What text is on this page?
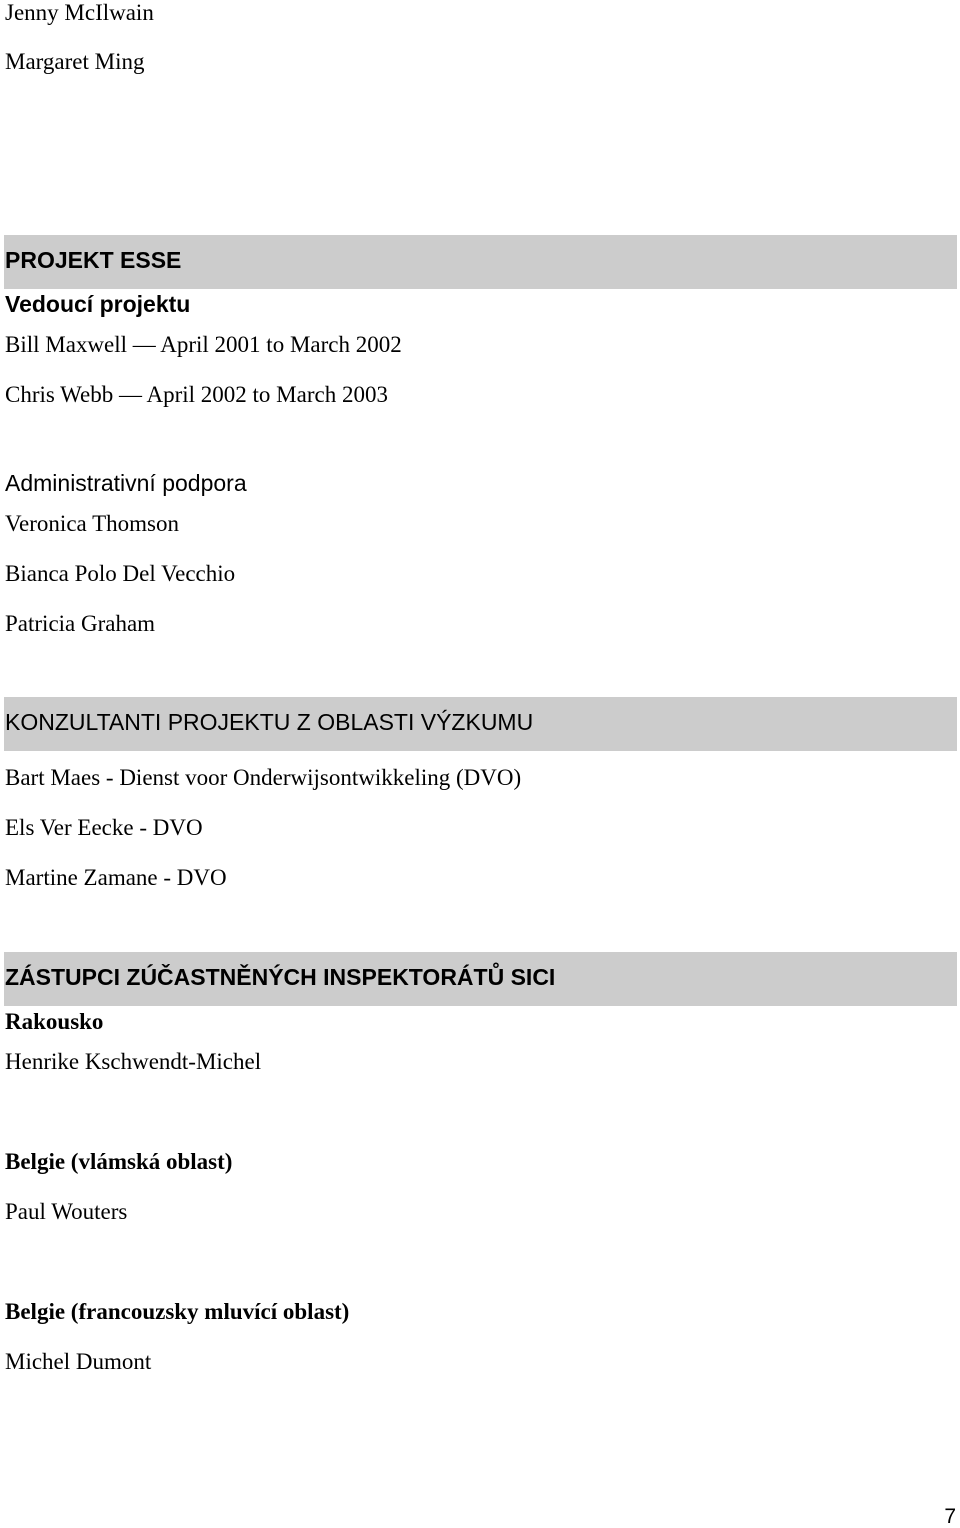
Jenny McIlwain
Margaret Ming
PROJEKT ESSE
Vedoucí projektu
Bill Maxwell — April 2001 to March 2002
Chris Webb — April 2002 to March 2003
Administrativní podpora
Veronica Thomson
Bianca Polo Del Vecchio
Patricia Graham
KONZULTANTI PROJEKTU Z OBLASTI VÝZKUMU
Bart Maes - Dienst voor Onderwijsontwikkeling (DVO)
Els Ver Eecke - DVO
Martine Zamane - DVO
ZÁSTUPCI ZÚČASTNĚNÝCH INSPEKTORÁTŮ SICI
Rakousko
Henrike Kschwendt-Michel
Belgie (vlámská oblast)
Paul Wouters
Belgie (francouzsky mluvící oblast)
Michel Dumont
7
